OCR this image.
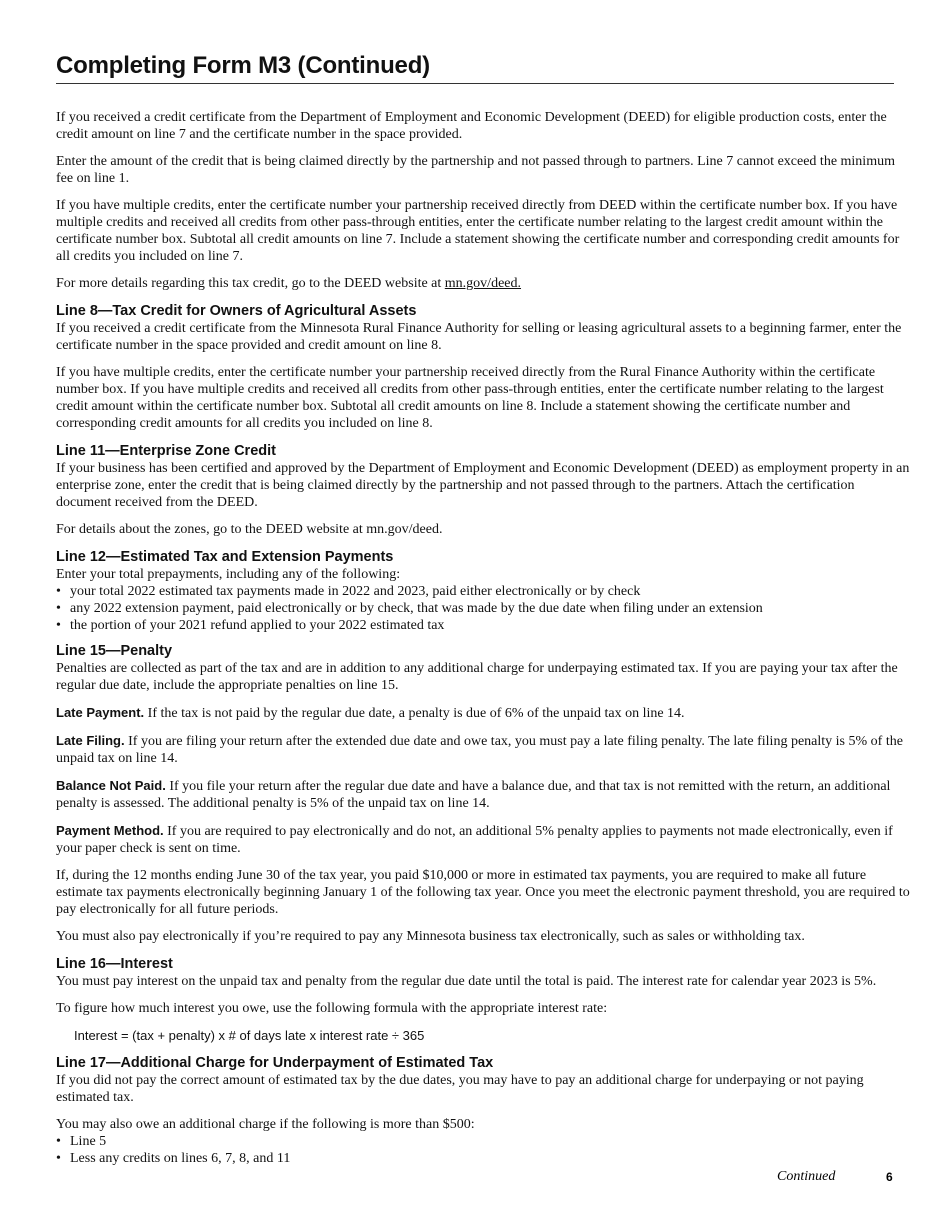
Completing Form M3 (Continued)

If you received a credit certificate from the Department of Employment and Economic Development (DEED) for eligible production costs, enter the credit amount on line 7 and the certificate number in the space provided.

Enter the amount of the credit that is being claimed directly by the partnership and not passed through to partners. Line 7 cannot exceed the minimum fee on line 1.

If you have multiple credits, enter the certificate number your partnership received directly from DEED within the certificate number box. If you have multiple credits and received all credits from other pass-through entities, enter the certificate number relating to the largest credit amount within the certificate number box. Subtotal all credit amounts on line 7. Include a statement showing the certificate number and corresponding credit amounts for all credits you included on line 7.

For more details regarding this tax credit, go to the DEED website at mn.gov/deed.

Line 8—Tax Credit for Owners of Agricultural Assets

If you received a credit certificate from the Minnesota Rural Finance Authority for selling or leasing agricultural assets to a beginning farmer, enter the certificate number in the space provided and credit amount on line 8.

If you have multiple credits, enter the certificate number your partnership received directly from the Rural Finance Authority within the certificate number box. If you have multiple credits and received all credits from other pass-through entities, enter the certificate number relating to the largest credit amount within the certificate number box. Subtotal all credit amounts on line 8. Include a statement showing the certificate number and corresponding credit amounts for all credits you included on line 8.

Line 11—Enterprise Zone Credit

If your business has been certified and approved by the Department of Employment and Economic Development (DEED) as employment property in an enterprise zone, enter the credit that is being claimed directly by the partnership and not passed through to the partners. Attach the certification document received from the DEED.

For details about the zones, go to the DEED website at mn.gov/deed.

Line 12—Estimated Tax and Extension Payments

Enter your total prepayments, including any of the following:

• your total 2022 estimated tax payments made in 2022 and 2023, paid either electronically or by check
• any 2022 extension payment, paid electronically or by check, that was made by the due date when filing under an extension
• the portion of your 2021 refund applied to your 2022 estimated tax
Line 15—Penalty

Penalties are collected as part of the tax and are in addition to any additional charge for underpaying estimated tax. If you are paying your tax after the regular due date, include the appropriate penalties on line 15.

Late Payment. If the tax is not paid by the regular due date, a penalty is due of 6% of the unpaid tax on line 14.

Late Filing. If you are filing your return after the extended due date and owe tax, you must pay a late filing penalty. The late filing penalty is 5% of the unpaid tax on line 14.

Balance Not Paid. If you file your return after the regular due date and have a balance due, and that tax is not remitted with the return, an additional penalty is assessed. The additional penalty is 5% of the unpaid tax on line 14.

Payment Method. If you are required to pay electronically and do not, an additional 5% penalty applies to payments not made electronically, even if your paper check is sent on time.

If, during the 12 months ending June 30 of the tax year, you paid $10,000 or more in estimated tax payments, you are required to make all future estimate tax payments electronically beginning January 1 of the following tax year. Once you meet the electronic payment threshold, you are required to pay electronically for all future periods.

You must also pay electronically if you’re required to pay any Minnesota business tax electronically, such as sales or withholding tax.

Line 16—Interest

You must pay interest on the unpaid tax and penalty from the regular due date until the total is paid. The interest rate for calendar year 2023 is 5%.

To figure how much interest you owe, use the following formula with the appropriate interest rate:

Interest = (tax + penalty) x # of days late x interest rate ÷ 365

Line 17—Additional Charge for Underpayment of Estimated Tax

If you did not pay the correct amount of estimated tax by the due dates, you may have to pay an additional charge for underpaying or not paying estimated tax.

You may also owe an additional charge if the following is more than $500:

• Line 5
• Less any credits on lines 6, 7, 8, and 11
Continued	6
